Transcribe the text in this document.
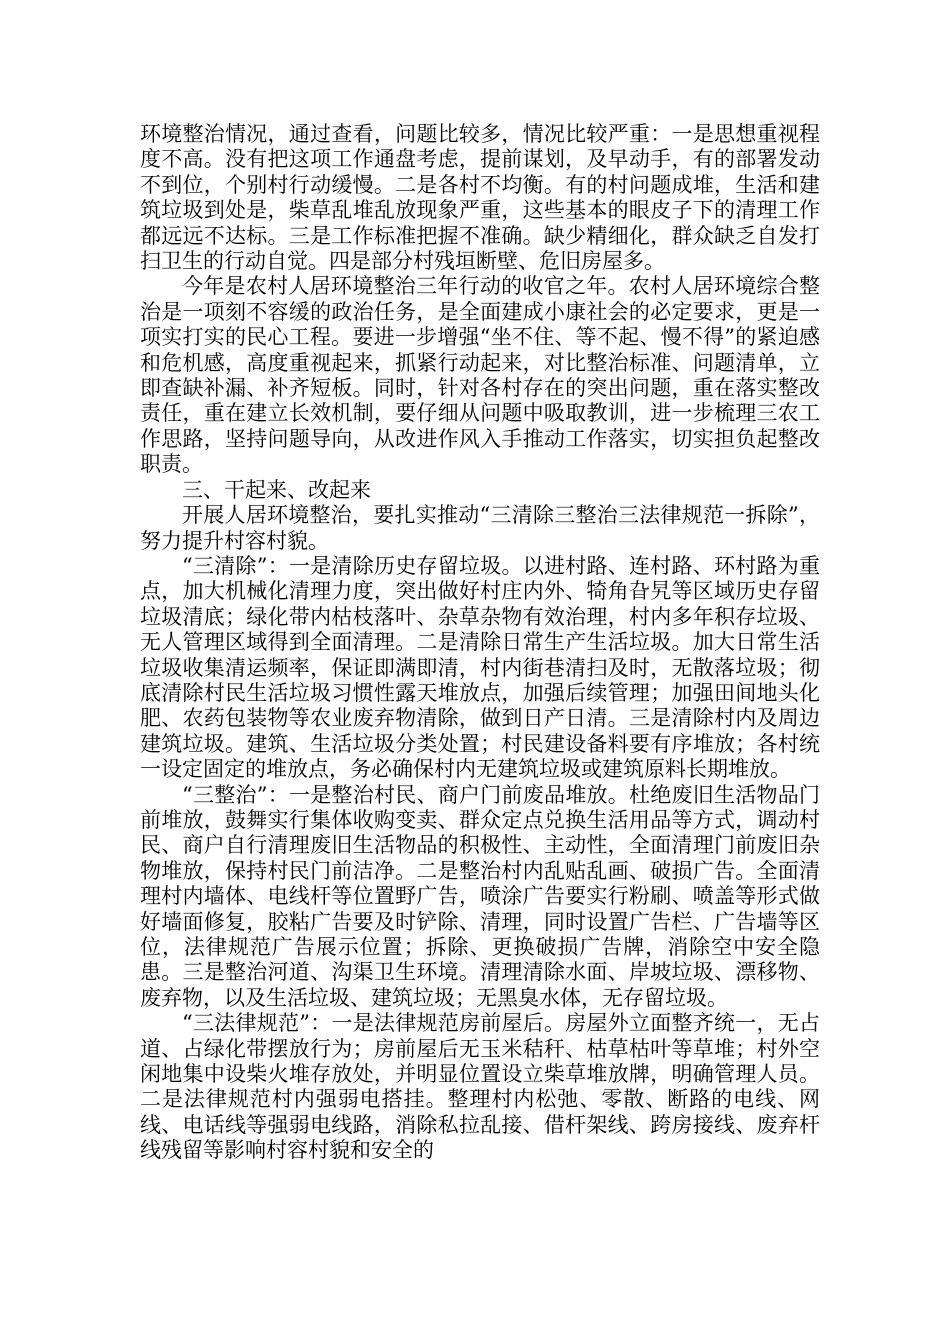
环境整治情况，通过查看，问题比较多，情况比较严重：一是思想重视程度不高。没有把这项工作通盘考虑，提前谋划，及早动手，有的部署发动不到位，个别村行动缓慢。二是各村不均衡。有的村问题成堆，生活和建筑垃圾到处是，柴草乱堆乱放现象严重，这些基本的眼皮子下的清理工作都远远不达标。三是工作标准把握不准确。缺少精细化，群众缺乏自发打扫卫生的行动自觉。四是部分村残垣断壁、危旧房屋多。

今年是农村人居环境整治三年行动的收官之年。农村人居环境综合整治是一项刻不容缓的政治任务，是全面建成小康社会的必定要求，更是一项实打实的民心工程。要进一步增强“坐不住、等不起、慢不得”的紧迫感和危机感，高度重视起来，抓紧行动起来，对比整治标准、问题清单，立即查缺补漏、补齐短板。同时，针对各村存在的突出问题，重在落实整改责任，重在建立长效机制，要仔细从问题中吸取教训，进一步梳理三农工作思路，坚持问题导向，从改进作风入手推动工作落实，切实担负起整改职责。

三、干起来、改起来

开展人居环境整治，要扎实推动“三清除三整治三法律规范一拆除”，努力提升村容村貌。

“三清除”：一是清除历史存留垃圾。以进村路、连村路、环村路为重点，加大机械化清理力度，突出做好村庄内外、犄角旮旯等区域历史存留垃圾清底；绿化带内枯枝落叶、杂草杂物有效治理，村内多年积存垃圾、无人管理区域得到全面清理。二是清除日常生产生活垃圾。加大日常生活垃圾收集清运频率，保证即满即清，村内街巷清扫及时，无散落垃圾；彻底清除村民生活垃圾习惯性露天堆放点，加强后续管理；加强田间地头化肥、农药包装物等农业废弃物清除，做到日产日清。三是清除村内及周边建筑垃圾。建筑、生活垃圾分类处置；村民建设备料要有序堆放；各村统一设定固定的堆放点，务必确保村内无建筑垃圾或建筑原料长期堆放。

“三整治”：一是整治村民、商户门前废品堆放。杜绝废旧生活物品门前堆放，鼓舞实行集体收购变卖、群众定点兑换生活用品等方式，调动村民、商户自行清理废旧生活物品的积极性、主动性，全面清理门前废旧杂物堆放，保持村民门前洁净。二是整治村内乱贴乱画、破损广告。全面清理村内墙体、电线杆等位置野广告，喷涂广告要实行粉刷、喷盖等形式做好墙面修复，胶粘广告要及时铲除、清理，同时设置广告栏、广告墙等区位，法律规范广告展示位置；拆除、更换破损广告牌，消除空中安全隐患。三是整治河道、沟渠卫生环境。清理清除水面、岸坡垃圾、漂移物、废弃物，以及生活垃圾、建筑垃圾；无黑臭水体，无存留垃圾。

“三法律规范”：一是法律规范房前屋后。房屋外立面整齐统一，无占道、占绿化带摆放行为；房前屋后无玉米秸秆、枯草枯叶等草堆；村外空闲地集中设柴火堆存放处，并明显位置设立柴草堆放牌，明确管理人员。二是法律规范村内强弱电搭挂。整理村内松弛、零散、断路的电线、网线、电话线等强弱电线路，消除私拉乱接、借杆架线、跨房接线、废弃杆线残留等影响村容村貌和安全的
